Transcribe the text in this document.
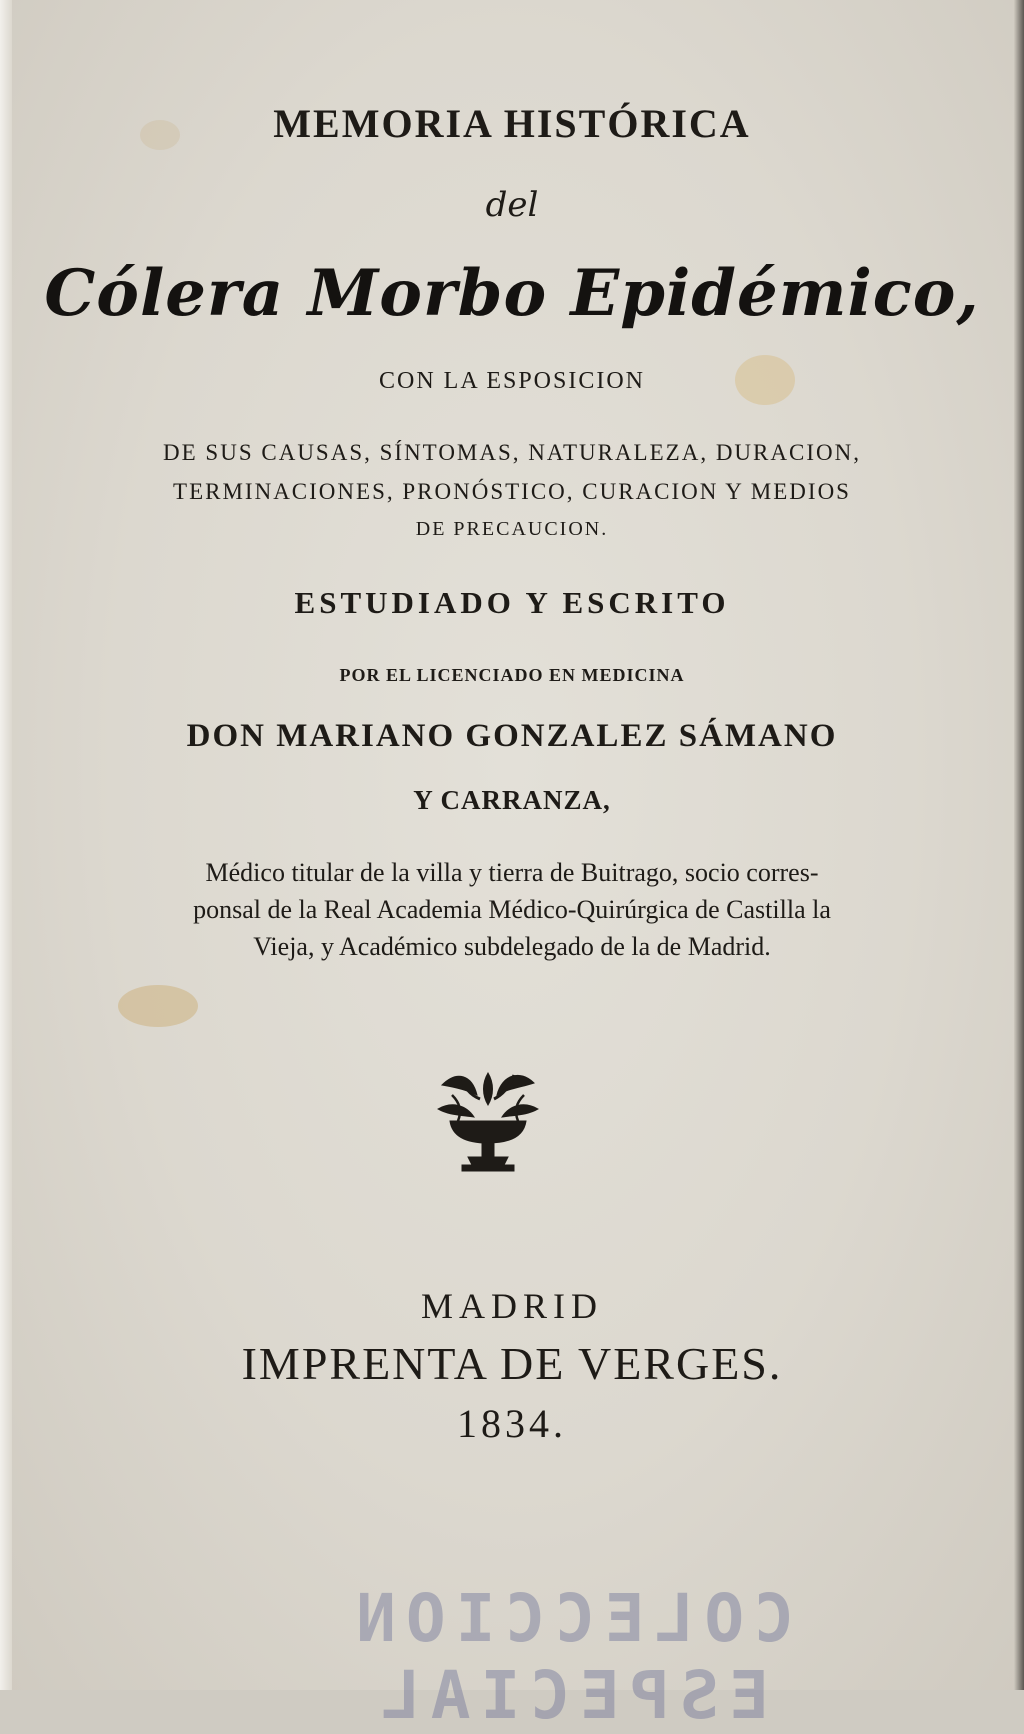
MEMORIA HISTÓRICA
del
Cólera Morbo Epidémico,
CON LA ESPOSICION
DE SUS CAUSAS, SÍNTOMAS, NATURALEZA, DURACION,
TERMINACIONES, PRONÓSTICO, CURACION Y MEDIOS
DE PRECAUCION.
ESTUDIADO Y ESCRITO
POR EL LICENCIADO EN MEDICINA
DON MARIANO GONZALEZ SÁMANO
Y CARRANZA,
Médico titular de la villa y tierra de Buitrago, socio corres-
ponsal de la Real Academia Médico-Quirúrgica de Castilla la
Vieja, y Académico subdelegado de la de Madrid.
MADRID
IMPRENTA DE VERGES.
1834.
COLECCION ESPECIAL
